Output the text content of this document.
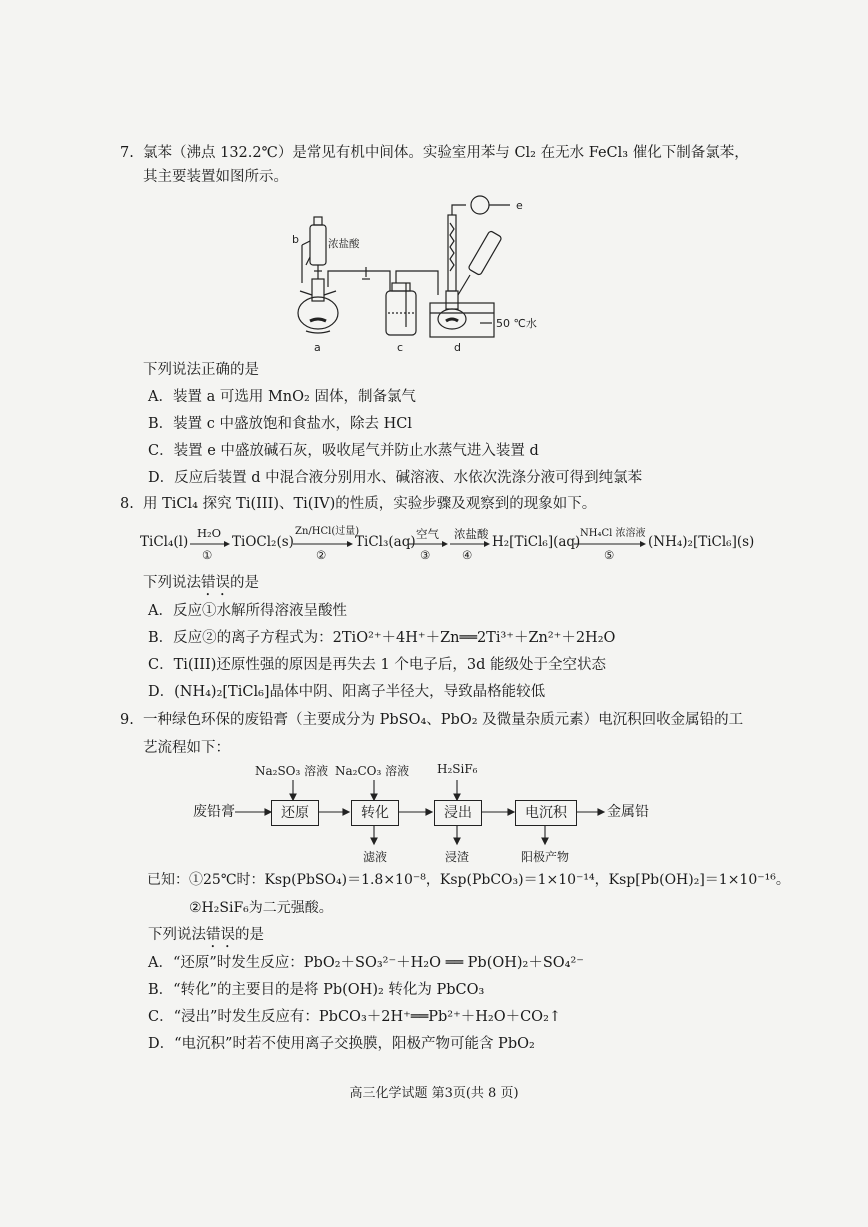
7. 氯苯（沸点 132.2℃）是常见有机中间体。实验室用苯与 Cl₂ 在无水 FeCl₃ 催化下制备氯苯，
其主要装置如图所示。
b	浓盐酸
e
50 ℃水
a	c	d
下列说法正确的是
A．装置 a 可选用 MnO₂ 固体，制备氯气
B．装置 c 中盛放饱和食盐水，除去 HCl
C．装置 e 中盛放碱石灰，吸收尾气并防止水蒸气进入装置 d
D．反应后装置 d 中混合液分别用水、碱溶液、水依次洗涤分液可得到纯氯苯
8. 用 TiCl₄ 探究 Ti(III)、Ti(IV)的性质，实验步骤及观察到的现象如下。
TiCl₄(l)
H₂O
①
TiOCl₂(s)
Zn/HCl(过量)
②
TiCl₃(aq) 空气
③
浓盐酸
④
H₂[TiCl₆](aq)
NH₄Cl 浓溶液
⑤
(NH₄)₂[TiCl₆](s)
下列说法错误的是
A．反应①水解所得溶液呈酸性
B．反应②的离子方程式为：2TiO²⁺＋4H⁺＋Zn══2Ti³⁺＋Zn²⁺＋2H₂O
C．Ti(III)还原性强的原因是再失去 1 个电子后，3d 能级处于全空状态
D．(NH₄)₂[TiCl₆]晶体中阴、阳离子半径大，导致晶格能较低
9. 一种绿色环保的废铅膏（主要成分为 PbSO₄、PbO₂ 及微量杂质元素）电沉积回收金属铅的工
艺流程如下：
Na₂SO₃ 溶液 Na₂CO₃ 溶液 H₂SiF₆
废铅膏	还原	转化	浸出	电沉积	金属铅
滤液	浸渣	阳极产物
已知：①25℃时：Ksp(PbSO₄)＝1.8×10⁻⁸，Ksp(PbCO₃)＝1×10⁻¹⁴，Ksp[Pb(OH)₂]＝1×10⁻¹⁶。
②H₂SiF₆为二元强酸。
下列说法错误的是
A．“还原”时发生反应：PbO₂＋SO₃²⁻＋H₂O ══ Pb(OH)₂＋SO₄²⁻
B．“转化”的主要目的是将 Pb(OH)₂ 转化为 PbCO₃
C．“浸出”时发生反应有：PbCO₃＋2H⁺══Pb²⁺＋H₂O＋CO₂↑
D．“电沉积”时若不使用离子交换膜，阳极产物可能含 PbO₂
高三化学试题 第3页(共 8 页)
